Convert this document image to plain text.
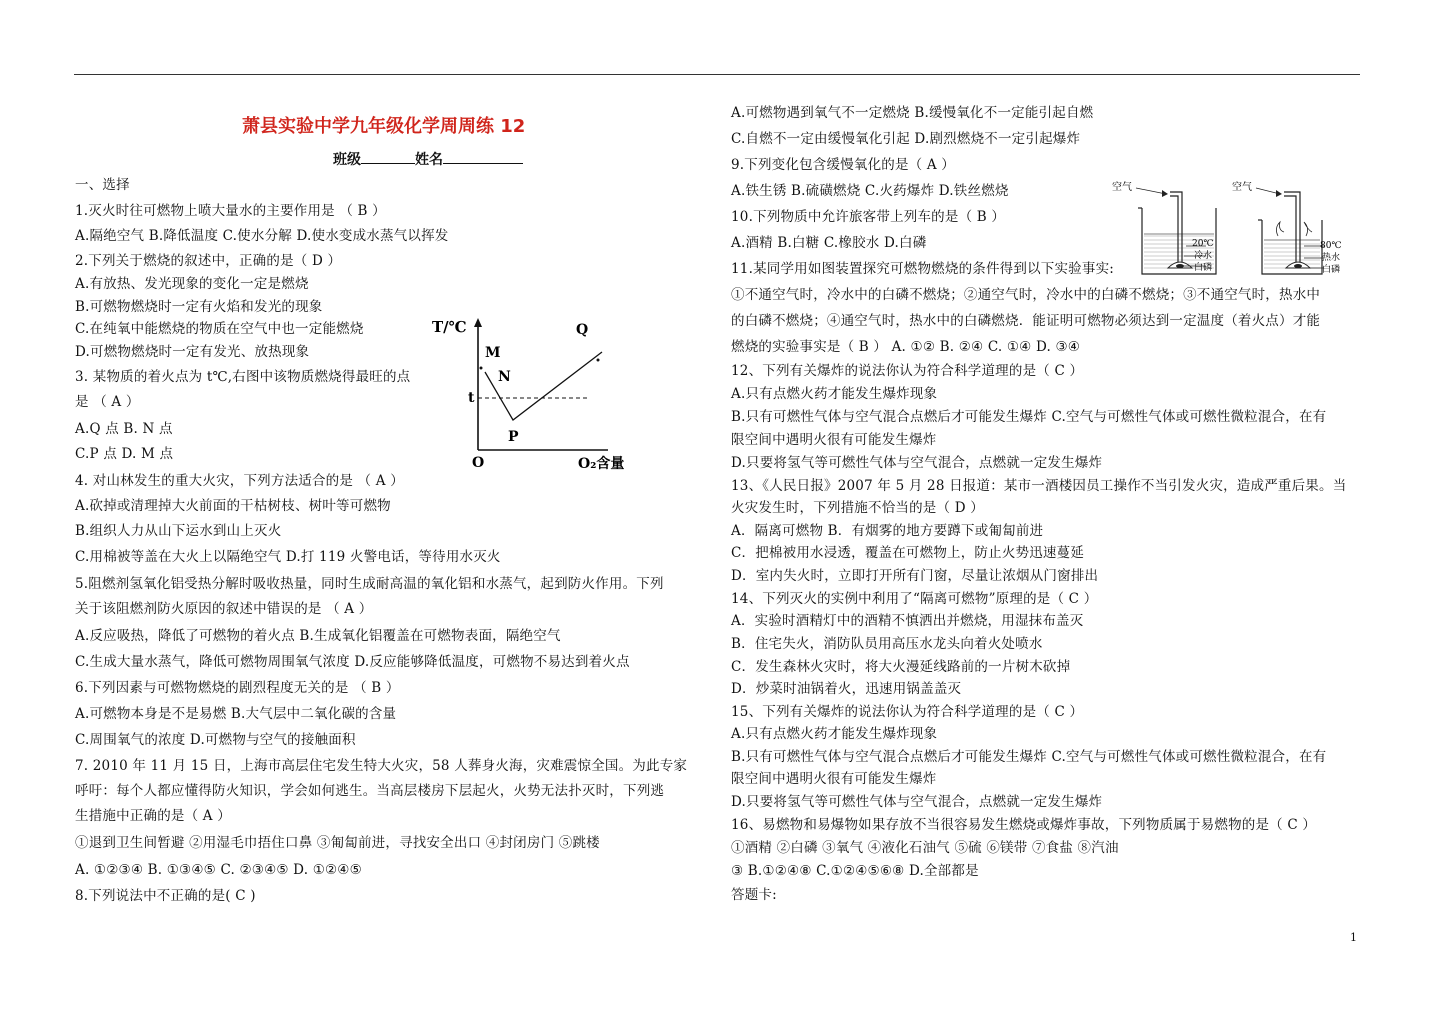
萧县实验中学九年级化学周周练 12
班级	姓名
一、选择
1.灭火时往可燃物上喷大量水的主要作用是 （ B ）
A.隔绝空气 B.降低温度 C.使水分解 D.使水变成水蒸气以挥发
2.下列关于燃烧的叙述中，正确的是（ D ）
A.有放热、发光现象的变化一定是燃烧
B.可燃物燃烧时一定有火焰和发光的现象
C.在纯氧中能燃烧的物质在空气中也一定能燃烧
D.可燃物燃烧时一定有发光、放热现象
3. 某物质的着火点为 t℃,右图中该物质燃烧得最旺的点
是 （ A ）
A.Q 点 B. N 点
C.P 点 D. M 点
4. 对山林发生的重大火灾，下列方法适合的是 （ A ）
A.砍掉或清理掉大火前面的干枯树枝、树叶等可燃物
B.组织人力从山下运水到山上灭火
C.用棉被等盖在大火上以隔绝空气 D.打 119 火警电话，等待用水灭火
5.阻燃剂氢氧化铝受热分解时吸收热量，同时生成耐高温的氧化铝和水蒸气，起到防火作用。下列
关于该阻燃剂防火原因的叙述中错误的是 （ A ）
A.反应吸热，降低了可燃物的着火点 B.生成氧化铝覆盖在可燃物表面，隔绝空气
C.生成大量水蒸气，降低可燃物周围氧气浓度 D.反应能够降低温度，可燃物不易达到着火点
6.下列因素与可燃物燃烧的剧烈程度无关的是 （ B ）
A.可燃物本身是不是易燃 B.大气层中二氧化碳的含量
C.周围氧气的浓度 D.可燃物与空气的接触面积
7. 2010 年 11 月 15 日，上海市高层住宅发生特大火灾，58 人葬身火海，灾难震惊全国。为此专家
呼吁：每个人都应懂得防火知识，学会如何逃生。当高层楼房下层起火，火势无法扑灭时，下列逃
生措施中正确的是（ A ）
①退到卫生间暂避 ②用湿毛巾捂住口鼻 ③匍匐前进，寻找安全出口 ④封闭房门 ⑤跳楼
A. ①②③④ B. ①③④⑤ C. ②③④⑤ D. ①②④⑤
8.下列说法中不正确的是( C )
T/℃
M
N
P
Q
t
O	O₂含量
A.可燃物遇到氧气不一定燃烧 B.缓慢氧化不一定能引起自燃
C.自燃不一定由缓慢氧化引起 D.剧烈燃烧不一定引起爆炸
9.下列变化包含缓慢氧化的是（ A ）
A.铁生锈 B.硫磺燃烧 C.火药爆炸 D.铁丝燃烧
10.下列物质中允许旅客带上列车的是（ B ）
A.酒精 B.白糖 C.橡胶水 D.白磷
11.某同学用如图装置探究可燃物燃烧的条件得到以下实验事实:
①不通空气时，冷水中的白磷不燃烧；②通空气时，冷水中的白磷不燃烧；③不通空气时，热水中
的白磷不燃烧；④通空气时，热水中的白磷燃烧．能证明可燃物必须达到一定温度（着火点）才能
燃烧的实验事实是（ B ） A. ①② B. ②④ C. ①④ D. ③④
12、下列有关爆炸的说法你认为符合科学道理的是（ C ）
A.只有点燃火药才能发生爆炸现象
B.只有可燃性气体与空气混合点燃后才可能发生爆炸 C.空气与可燃性气体或可燃性微粒混合，在有
限空间中遇明火很有可能发生爆炸
D.只要将氢气等可燃性气体与空气混合，点燃就一定发生爆炸
13、《人民日报》2007 年 5 月 28 日报道：某市一酒楼因员工操作不当引发火灾，造成严重后果。当
火灾发生时，下列措施不恰当的是（ D ）
A．隔离可燃物 B．有烟雾的地方要蹲下或匍匐前进
C．把棉被用水浸透，覆盖在可燃物上，防止火势迅速蔓延
D．室内失火时，立即打开所有门窗，尽量让浓烟从门窗排出
14、下列灭火的实例中利用了“隔离可燃物”原理的是（ C ）
A．实验时酒精灯中的酒精不慎洒出并燃烧，用湿抹布盖灭
B．住宅失火，消防队员用高压水龙头向着火处喷水
C．发生森林火灾时，将大火漫延线路前的一片树木砍掉
D．炒菜时油锅着火，迅速用锅盖盖灭
15、下列有关爆炸的说法你认为符合科学道理的是（ C ）
A.只有点燃火药才能发生爆炸现象
B.只有可燃性气体与空气混合点燃后才可能发生爆炸 C.空气与可燃性气体或可燃性微粒混合，在有
限空间中遇明火很有可能发生爆炸
D.只要将氢气等可燃性气体与空气混合，点燃就一定发生爆炸
16、易燃物和易爆物如果存放不当很容易发生燃烧或爆炸事故，下列物质属于易燃物的是（ C ）
①酒精 ②白磷 ③氧气 ④液化石油气 ⑤硫 ⑥镁带 ⑦食盐 ⑧汽油
③ B.①②④⑧ C.①②④⑤⑥⑧ D.全部都是
答题卡:
空气
20℃
冷水
白磷
空气
80℃
热水
白磷
1
